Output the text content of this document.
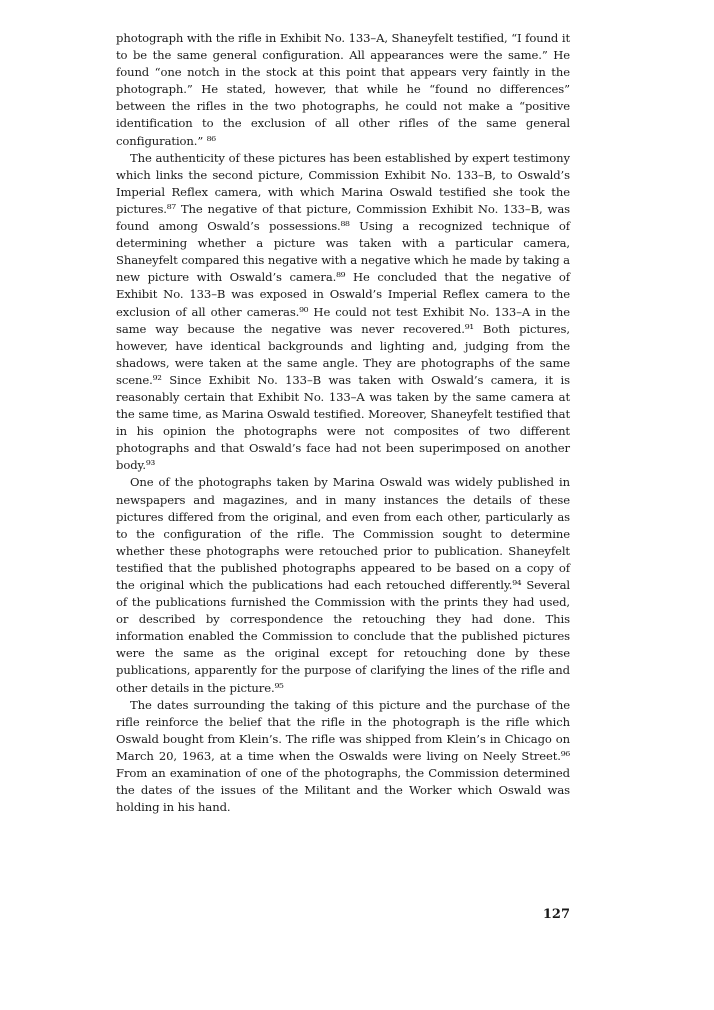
photograph with the rifle in Exhibit No. 133–A, Shaneyfelt testified, “I found it to be the same general configuration. All appearances were the same.” He found “one notch in the stock at this point that appears very faintly in the photograph.” He stated, however, that while he “found no differences” between the rifles in the two photographs, he could not make a “positive identification to the exclusion of all other rifles of the same general configuration.” ⁸⁶

The authenticity of these pictures has been established by expert testimony which links the second picture, Commission Exhibit No. 133–B, to Oswald’s Imperial Reflex camera, with which Marina Oswald testified she took the pictures.⁸⁷ The negative of that picture, Commission Exhibit No. 133–B, was found among Oswald’s possessions.⁸⁸ Using a recognized technique of determining whether a picture was taken with a particular camera, Shaneyfelt compared this negative with a negative which he made by taking a new picture with Oswald’s camera.⁸⁹ He concluded that the negative of Exhibit No. 133–B was exposed in Oswald’s Imperial Reflex camera to the exclusion of all other cameras.⁹⁰ He could not test Exhibit No. 133–A in the same way because the negative was never recovered.⁹¹ Both pictures, however, have identical backgrounds and lighting and, judging from the shadows, were taken at the same angle. They are photographs of the same scene.⁹² Since Exhibit No. 133–B was taken with Oswald’s camera, it is reasonably certain that Exhibit No. 133–A was taken by the same camera at the same time, as Marina Oswald testified. Moreover, Shaneyfelt testified that in his opinion the photographs were not composites of two different photographs and that Oswald’s face had not been superimposed on another body.⁹³

One of the photographs taken by Marina Oswald was widely published in newspapers and magazines, and in many instances the details of these pictures differed from the original, and even from each other, particularly as to the configuration of the rifle. The Commission sought to determine whether these photographs were retouched prior to publication. Shaneyfelt testified that the published photographs appeared to be based on a copy of the original which the publications had each retouched differently.⁹⁴ Several of the publications furnished the Commission with the prints they had used, or described by correspondence the retouching they had done. This information enabled the Commission to conclude that the published pictures were the same as the original except for retouching done by these publications, apparently for the purpose of clarifying the lines of the rifle and other details in the picture.⁹⁵

The dates surrounding the taking of this picture and the purchase of the rifle reinforce the belief that the rifle in the photograph is the rifle which Oswald bought from Klein’s. The rifle was shipped from Klein’s in Chicago on March 20, 1963, at a time when the Oswalds were living on Neely Street.⁹⁶ From an examination of one of the photographs, the Commission determined the dates of the issues of the Militant and the Worker which Oswald was holding in his hand.

127
